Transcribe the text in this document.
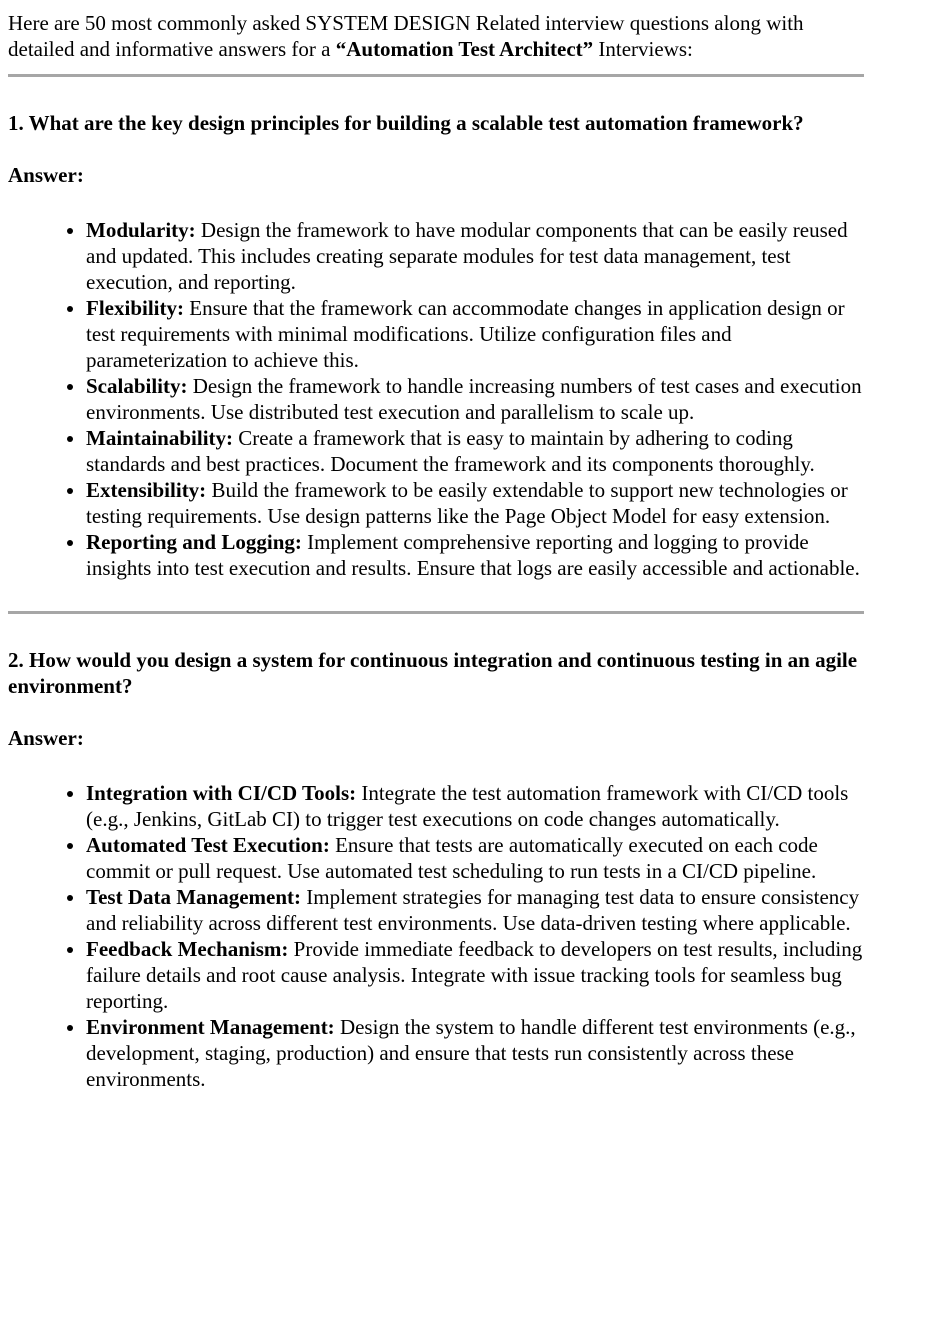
Here are 50 most commonly asked SYSTEM DESIGN Related interview questions along with detailed and informative answers for a “Automation Test Architect” Interviews:

1. What are the key design principles for building a scalable test automation framework?

Answer:

• Modularity: Design the framework to have modular components that can be easily reused and updated. This includes creating separate modules for test data management, test execution, and reporting.
• Flexibility: Ensure that the framework can accommodate changes in application design or test requirements with minimal modifications. Utilize configuration files and parameterization to achieve this.
• Scalability: Design the framework to handle increasing numbers of test cases and execution environments. Use distributed test execution and parallelism to scale up.
• Maintainability: Create a framework that is easy to maintain by adhering to coding standards and best practices. Document the framework and its components thoroughly.
• Extensibility: Build the framework to be easily extendable to support new technologies or testing requirements. Use design patterns like the Page Object Model for easy extension.
• Reporting and Logging: Implement comprehensive reporting and logging to provide insights into test execution and results. Ensure that logs are easily accessible and actionable.
2. How would you design a system for continuous integration and continuous testing in an agile environment?

Answer:

• Integration with CI/CD Tools: Integrate the test automation framework with CI/CD tools (e.g., Jenkins, GitLab CI) to trigger test executions on code changes automatically.
• Automated Test Execution: Ensure that tests are automatically executed on each code commit or pull request. Use automated test scheduling to run tests in a CI/CD pipeline.
• Test Data Management: Implement strategies for managing test data to ensure consistency and reliability across different test environments. Use data-driven testing where applicable.
• Feedback Mechanism: Provide immediate feedback to developers on test results, including failure details and root cause analysis. Integrate with issue tracking tools for seamless bug reporting.
• Environment Management: Design the system to handle different test environments (e.g., development, staging, production) and ensure that tests run consistently across these environments.
